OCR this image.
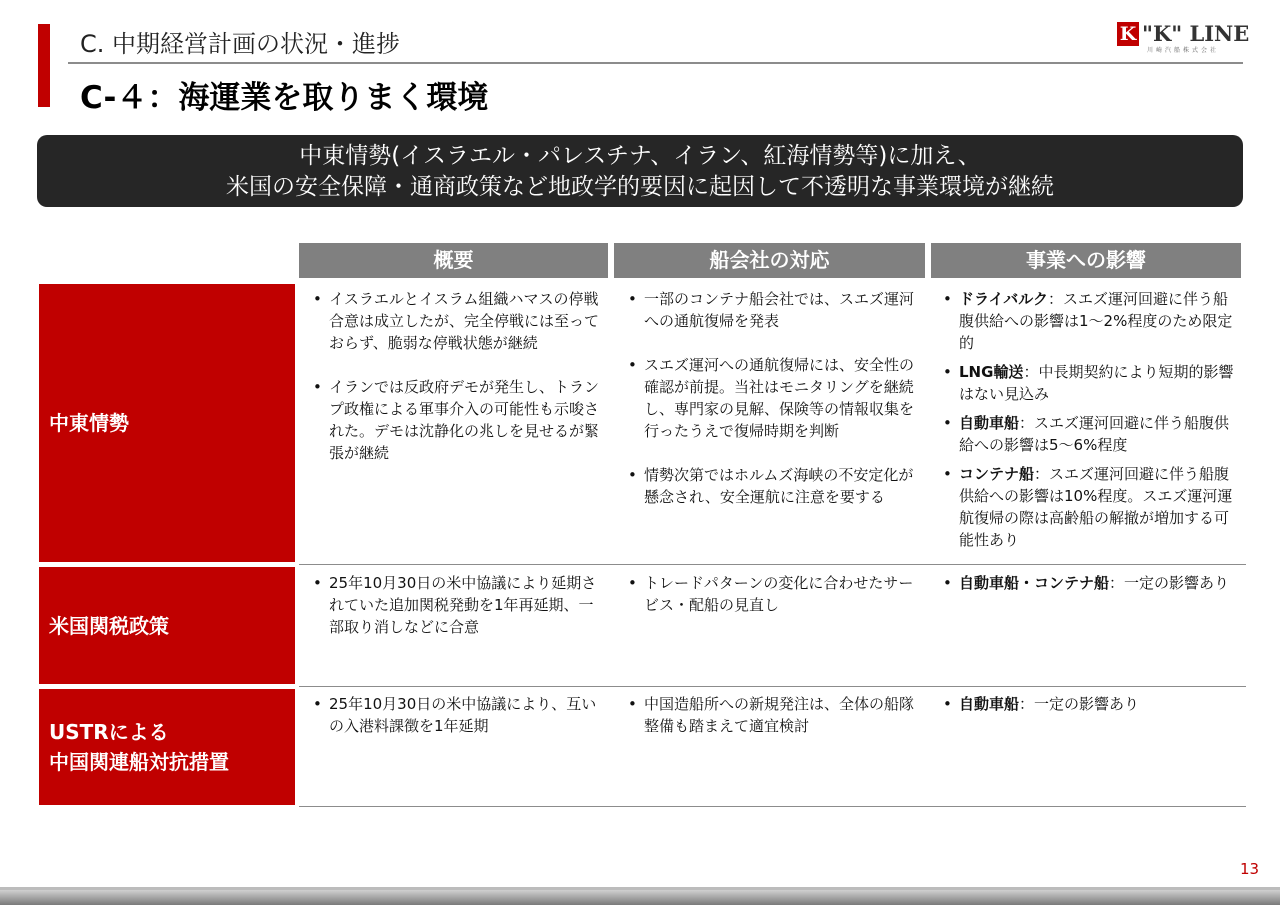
C. 中期経営計画の状況・進捗
C-４：海運業を取りまく環境
K "K" LINE
川崎汽船株式会社
中東情勢(イスラエル・パレスチナ、イラン、紅海情勢等)に加え、
米国の安全保障・通商政策など地政学的要因に起因して不透明な事業環境が継続
概要	船会社の対応	事業への影響
中東情勢
米国関税政策
USTRによる
中国関連船対抗措置
• イスラエルとイスラム組織ハマスの停戦合意は成立したが、完全停戦には至っておらず、脆弱な停戦状態が継続
• イランでは反政府デモが発生し、トランプ政権による軍事介入の可能性も示唆された。デモは沈静化の兆しを見せるが緊張が継続
• 一部のコンテナ船会社では、スエズ運河への通航復帰を発表
• スエズ運河への通航復帰には、安全性の確認が前提。当社はモニタリングを継続し、専門家の見解、保険等の情報収集を行ったうえで復帰時期を判断
• 情勢次第ではホルムズ海峡の不安定化が懸念され、安全運航に注意を要する
• ドライバルク：スエズ運河回避に伴う船腹供給への影響は1～2%程度のため限定的
• LNG輸送：中長期契約により短期的影響はない見込み
• 自動車船：スエズ運河回避に伴う船腹供給への影響は5～6%程度
• コンテナ船：スエズ運河回避に伴う船腹供給への影響は10%程度。スエズ運河運航復帰の際は高齢船の解撤が増加する可能性あり
• 25年10月30日の米中協議により延期されていた追加関税発動を1年再延期、一部取り消しなどに合意
• トレードパターンの変化に合わせたサービス・配船の見直し
• 自動車船・コンテナ船：一定の影響あり
• 25年10月30日の米中協議により、互いの入港料課徴を1年延期
• 中国造船所への新規発注は、全体の船隊整備も踏まえて適宜検討
• 自動車船：一定の影響あり
13
